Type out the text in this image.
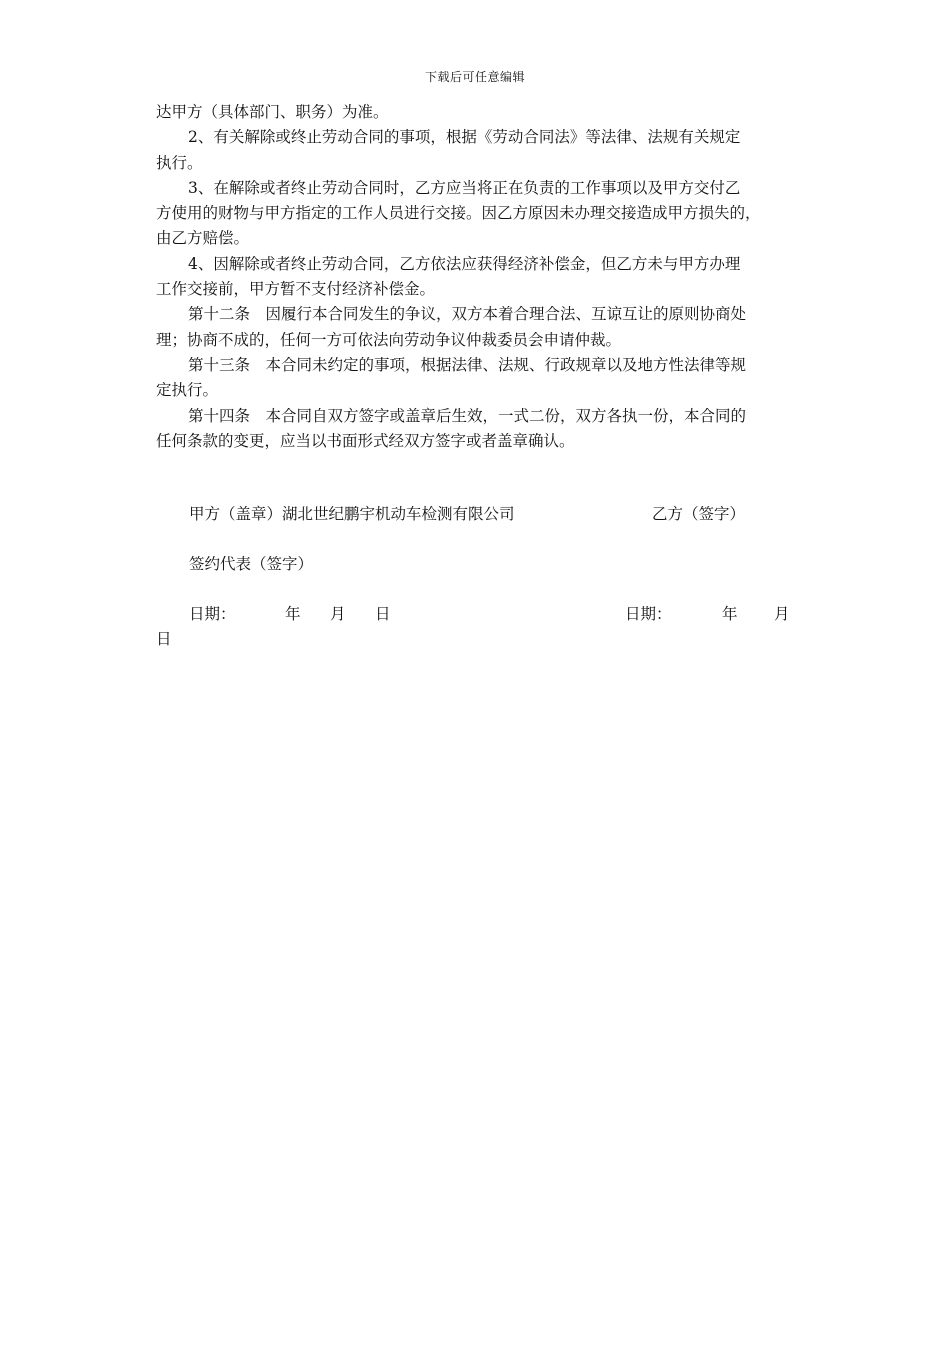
下载后可任意编辑
达甲方（具体部门、职务）为准。
2、有关解除或终止劳动合同的事项，根据《劳动合同法》等法律、法规有关规定
执行。
3、在解除或者终止劳动合同时，乙方应当将正在负责的工作事项以及甲方交付乙
方使用的财物与甲方指定的工作人员进行交接。因乙方原因未办理交接造成甲方损失的，
由乙方赔偿。
4、因解除或者终止劳动合同，乙方依法应获得经济补偿金，但乙方未与甲方办理
工作交接前，甲方暂不支付经济补偿金。
第十二条　因履行本合同发生的争议，双方本着合理合法、互谅互让的原则协商处
理；协商不成的，任何一方可依法向劳动争议仲裁委员会申请仲裁。
第十三条　本合同未约定的事项，根据法律、法规、行政规章以及地方性法律等规
定执行。
第十四条　本合同自双方签字或盖章后生效，一式二份，双方各执一份，本合同的
任何条款的变更，应当以书面形式经双方签字或者盖章确认。
甲方（盖章）湖北世纪鹏宇机动车检测有限公司	乙方（签字）
签约代表（签字）
日期：	年 月 日	日期：	年 月
日
